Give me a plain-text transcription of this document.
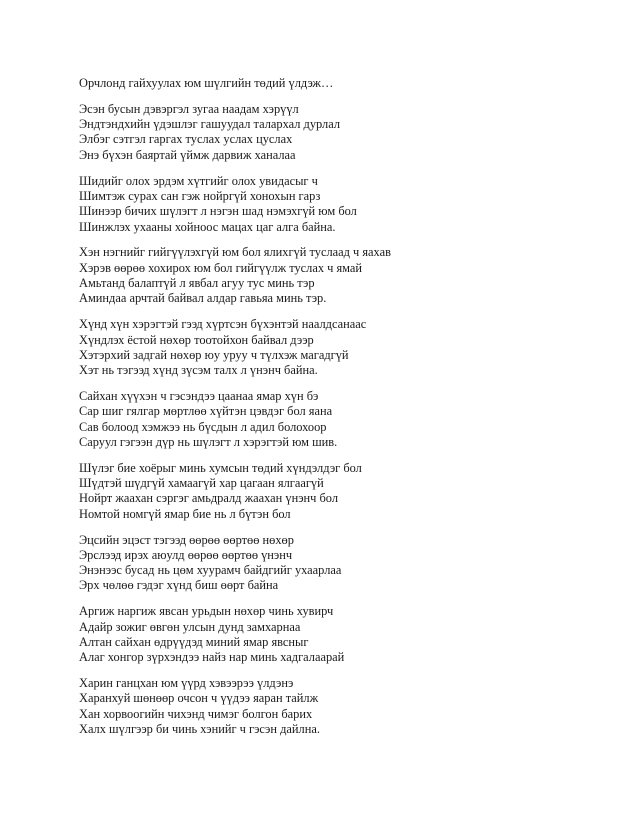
Орчлонд гайхуулах юм шүлгийн төдий үлдэж…

Эсэн бусын дэвэргэл зугаа наадам хэрүүл
Эндтэндхийн үдэшлэг гашуудал талархал дурлал
Элбэг сэтгэл гаргах туслах услах цуслах
Энэ бүхэн баяртай үймж дарвиж ханалаа
Шидийг олох эрдэм хүтгийг олох увидасыг ч
Шимтэж сурах сан гэж нойргүй хонохын гарз
Шинээр бичих шүлэгт л нэгэн шад нэмэхгүй юм бол
Шинжлэх ухааны хойноос мацах цаг алга байна.
Хэн нэгнийг гийгүүлэхгүй юм бол ялихгүй туслаад ч яахав
Хэрэв өөрөө хохирох юм бол гийгүүлж туслах ч ямай
Амьтанд балаптүй л явбал агуу тус минь тэр
Аминдаа арчтай байвал алдар гавьяа минь тэр.
Хүнд хүн хэрэгтэй гээд хүртсэн бүхэнтэй наалдсанаас
Хүндлэх ёстой нөхөр тоотойхон байвал дээр
Хэтэрхий задгай нөхөр юу уруу ч түлхэж магадгүй
Хэт нь тэгээд хүнд зүсэм талх л үнэнч байна.
Сайхан хүүхэн ч гэсэндээ цаанаа ямар хүн бэ
Сар шиг гялгар мөртлөө хүйтэн цэвдэг бол яана
Сав болоод хэмжээ нь бүсдын л адил болохоор
Саруул гэгээн дүр нь шүлэгт л хэрэгтэй юм шив.
Шүлэг бие хоёрыг минь хумсын төдий хүндэлдэг бол
Шүдтэй шүдгүй хамаагүй хар цагаан ялгаагүй
Нойрт жаахан сэргэг амьдралд жаахан үнэнч бол
Номтой номгүй ямар бие нь л бүтэн бол
Эцсийн эцэст тэгээд өөрөө өөртөө нөхөр
Эрслээд ирэх аюулд өөрөө өөртөө үнэнч
Энэнээс бусад нь цөм хуурамч байдгийг ухаарлаа
Эрх чөлөө гэдэг хүнд биш өөрт байна
Аргиж наргиж явсан урьдын нөхөр чинь хувирч
Адайр зожиг өвгөн улсын дунд замхарнаа
Алтан сайхан өдрүүдэд миний ямар явсныг
Алаг хонгор зүрхэндээ найз нар минь хадгалаарай
Харин ганцхан юм үүрд хэвээрээ үлдэнэ
Харанхуй шөнөөр очсон ч үүдээ яаран тайлж
Хан хорвоогийн чихэнд чимэг болгон барих
Халх шүлгээр би чинь хэнийг ч гэсэн дайлна.
